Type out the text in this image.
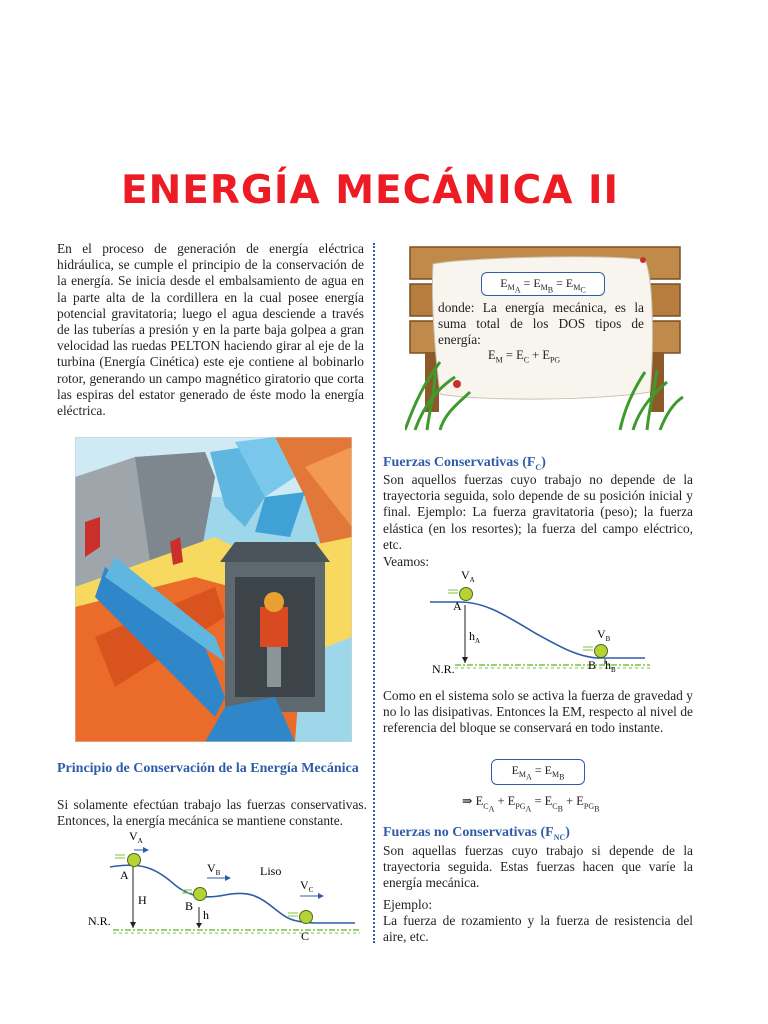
ENERGÍA MECÁNICA II
En el proceso de generación de energía eléctrica hidráulica, se cumple el principio de la conservación de la energía. Se inicia desde el embalsamiento de agua en la parte alta de la cordillera en la cual posee energía potencial gravitatoria; luego el agua desciende a través de las tuberías a presión y en la parte baja golpea a gran velocidad las ruedas PELTON haciendo girar al eje de la turbina (Energía Cinética) este eje contiene al bobinarlo rotor, generando un campo magnético giratorio que corta las espiras del estator generado de éste modo la energía eléctrica.
Principio de Conservación de la Energía Mecánica
Si solamente efectúan trabajo las fuerzas conservativas. Entonces, la energía mecánica se mantiene constante.
$V_A$
A
H
$V_B$
B
h
Liso
$V_C$
C
N.R.
$E_{M_A} = E_{M_B} = E_{M_C}$
donde: La energía mecánica, es la suma total de los DOS tipos de energía:
$E_M = E_C + E_{PG}$
Fuerzas Conservativas $(F_C)$
Son aquellos fuerzas cuyo trabajo no depende de la trayectoria seguida, solo depende de su posición inicial y final. Ejemplo: La fuerza gravitatoria (peso); la fuerza elástica (en los resortes); la fuerza del campo eléctrico, etc.
Veamos:
$V_A$
A
$h_A$	$V_B$
B $h_B$
N.R.
Como en el sistema solo se activa la fuerza de gravedad y no lo las disipativas. Entonces la EM, respecto al nivel de referencia del bloque se conservará en todo instante.
$E_{M_A} = E_{M_B}$
⇒ $E_{C_A} + E_{PG_A} = E_{C_B} + E_{PG_B}$
Fuerzas no Conservativas $(F_{NC})$
Son aquellas fuerzas cuyo trabajo si depende de la trayectoria seguida. Estas fuerzas hacen que varíe la energía mecánica.
Ejemplo:
La fuerza de rozamiento y la fuerza de resistencia del aire, etc.
